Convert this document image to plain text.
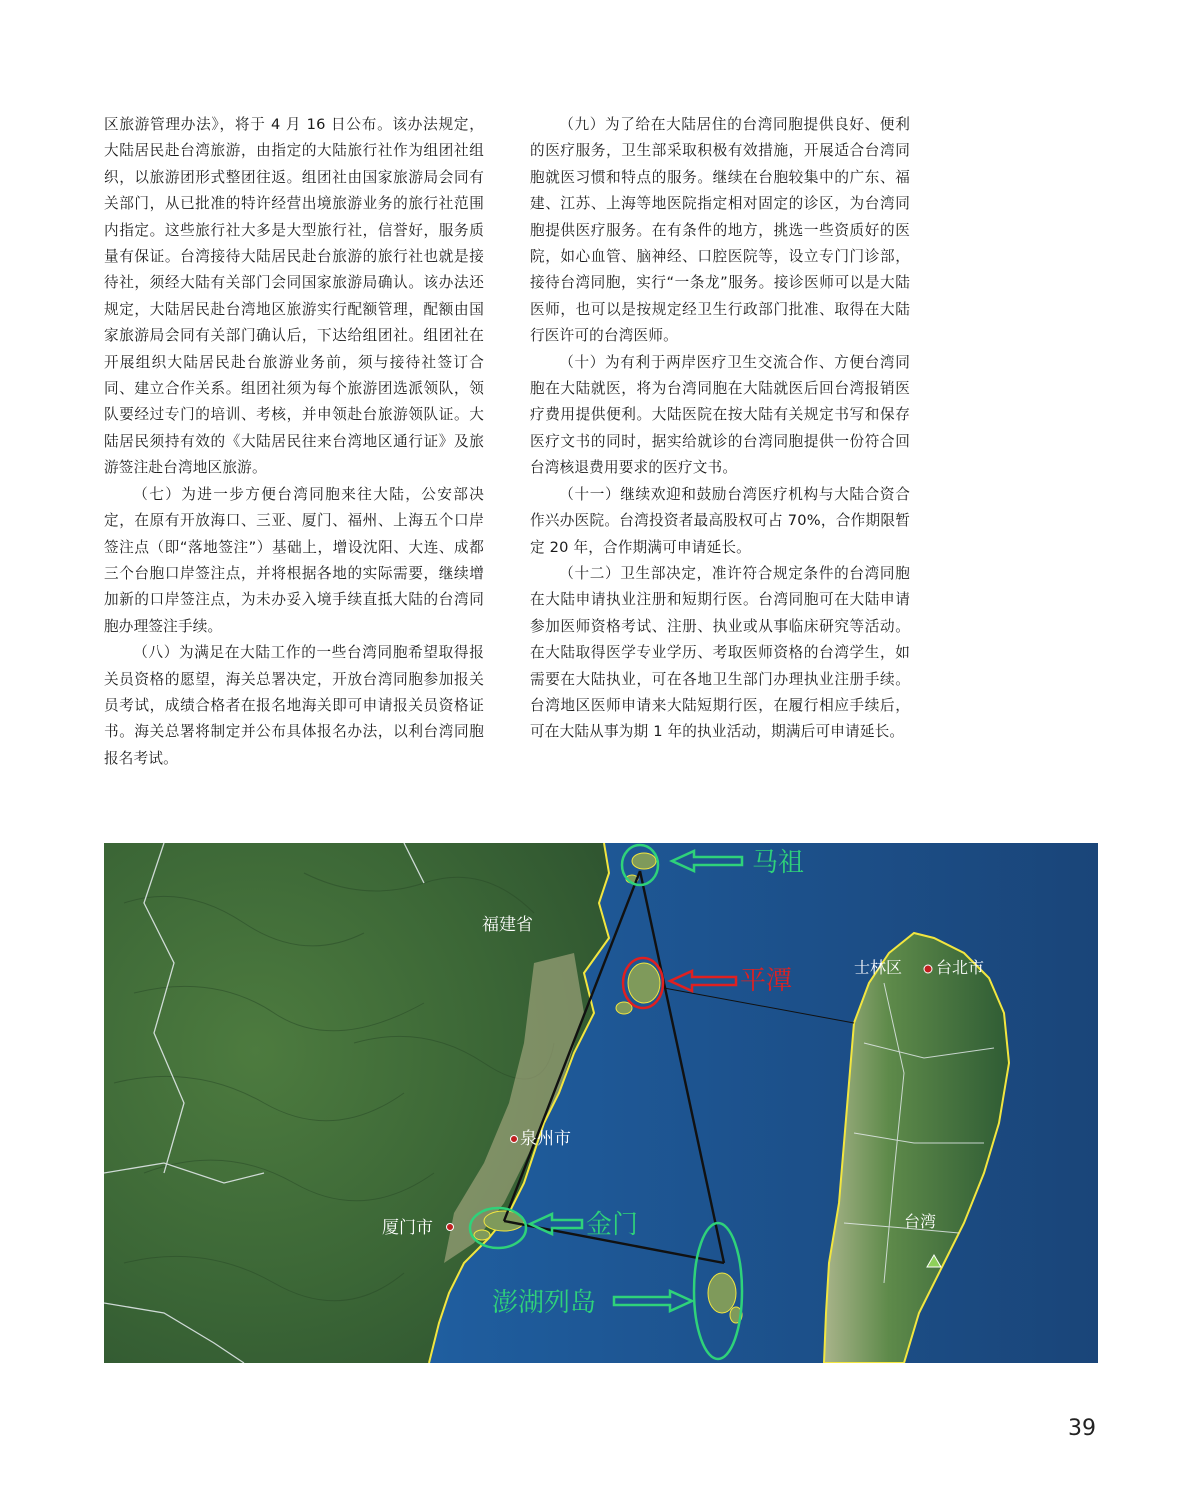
区旅游管理办法》，将于 4 月 16 日公布。该办法规定，大陆居民赴台湾旅游，由指定的大陆旅行社作为组团社组织，以旅游团形式整团往返。组团社由国家旅游局会同有关部门，从已批准的特许经营出境旅游业务的旅行社范围内指定。这些旅行社大多是大型旅行社，信誉好，服务质量有保证。台湾接待大陆居民赴台旅游的旅行社也就是接待社，须经大陆有关部门会同国家旅游局确认。该办法还规定，大陆居民赴台湾地区旅游实行配额管理，配额由国家旅游局会同有关部门确认后，下达给组团社。组团社在开展组织大陆居民赴台旅游业务前，须与接待社签订合同、建立合作关系。组团社须为每个旅游团选派领队，领队要经过专门的培训、考核，并申领赴台旅游领队证。大陆居民须持有效的《大陆居民往来台湾地区通行证》及旅游签注赴台湾地区旅游。

（七）为进一步方便台湾同胞来往大陆，公安部决定，在原有开放海口、三亚、厦门、福州、上海五个口岸签注点（即“落地签注”）基础上，增设沈阳、大连、成都三个台胞口岸签注点，并将根据各地的实际需要，继续增加新的口岸签注点，为未办妥入境手续直抵大陆的台湾同胞办理签注手续。

（八）为满足在大陆工作的一些台湾同胞希望取得报关员资格的愿望，海关总署决定，开放台湾同胞参加报关员考试，成绩合格者在报名地海关即可申请报关员资格证书。海关总署将制定并公布具体报名办法，以利台湾同胞报名考试。

（九）为了给在大陆居住的台湾同胞提供良好、便利的医疗服务，卫生部采取积极有效措施，开展适合台湾同胞就医习惯和特点的服务。继续在台胞较集中的广东、福建、江苏、上海等地医院指定相对固定的诊区，为台湾同胞提供医疗服务。在有条件的地方，挑选一些资质好的医院，如心血管、脑神经、口腔医院等，设立专门门诊部，接待台湾同胞，实行“一条龙”服务。接诊医师可以是大陆医师，也可以是按规定经卫生行政部门批准、取得在大陆行医许可的台湾医师。

（十）为有利于两岸医疗卫生交流合作、方便台湾同胞在大陆就医，将为台湾同胞在大陆就医后回台湾报销医疗费用提供便利。大陆医院在按大陆有关规定书写和保存医疗文书的同时，据实给就诊的台湾同胞提供一份符合回台湾核退费用要求的医疗文书。

（十一）继续欢迎和鼓励台湾医疗机构与大陆合资合作兴办医院。台湾投资者最高股权可占 70%，合作期限暂定 20 年，合作期满可申请延长。

（十二）卫生部决定，准许符合规定条件的台湾同胞在大陆申请执业注册和短期行医。台湾同胞可在大陆申请参加医师资格考试、注册、执业或从事临床研究等活动。在大陆取得医学专业学历、考取医师资格的台湾学生，如需要在大陆执业，可在各地卫生部门办理执业注册手续。台湾地区医师申请来大陆短期行医，在履行相应手续后，可在大陆从事为期 1 年的执业活动，期满后可申请延长。

福建省
士林区 台北市
泉州市
厦门市	台湾
马祖
平潭
金门
澎湖列岛
39
